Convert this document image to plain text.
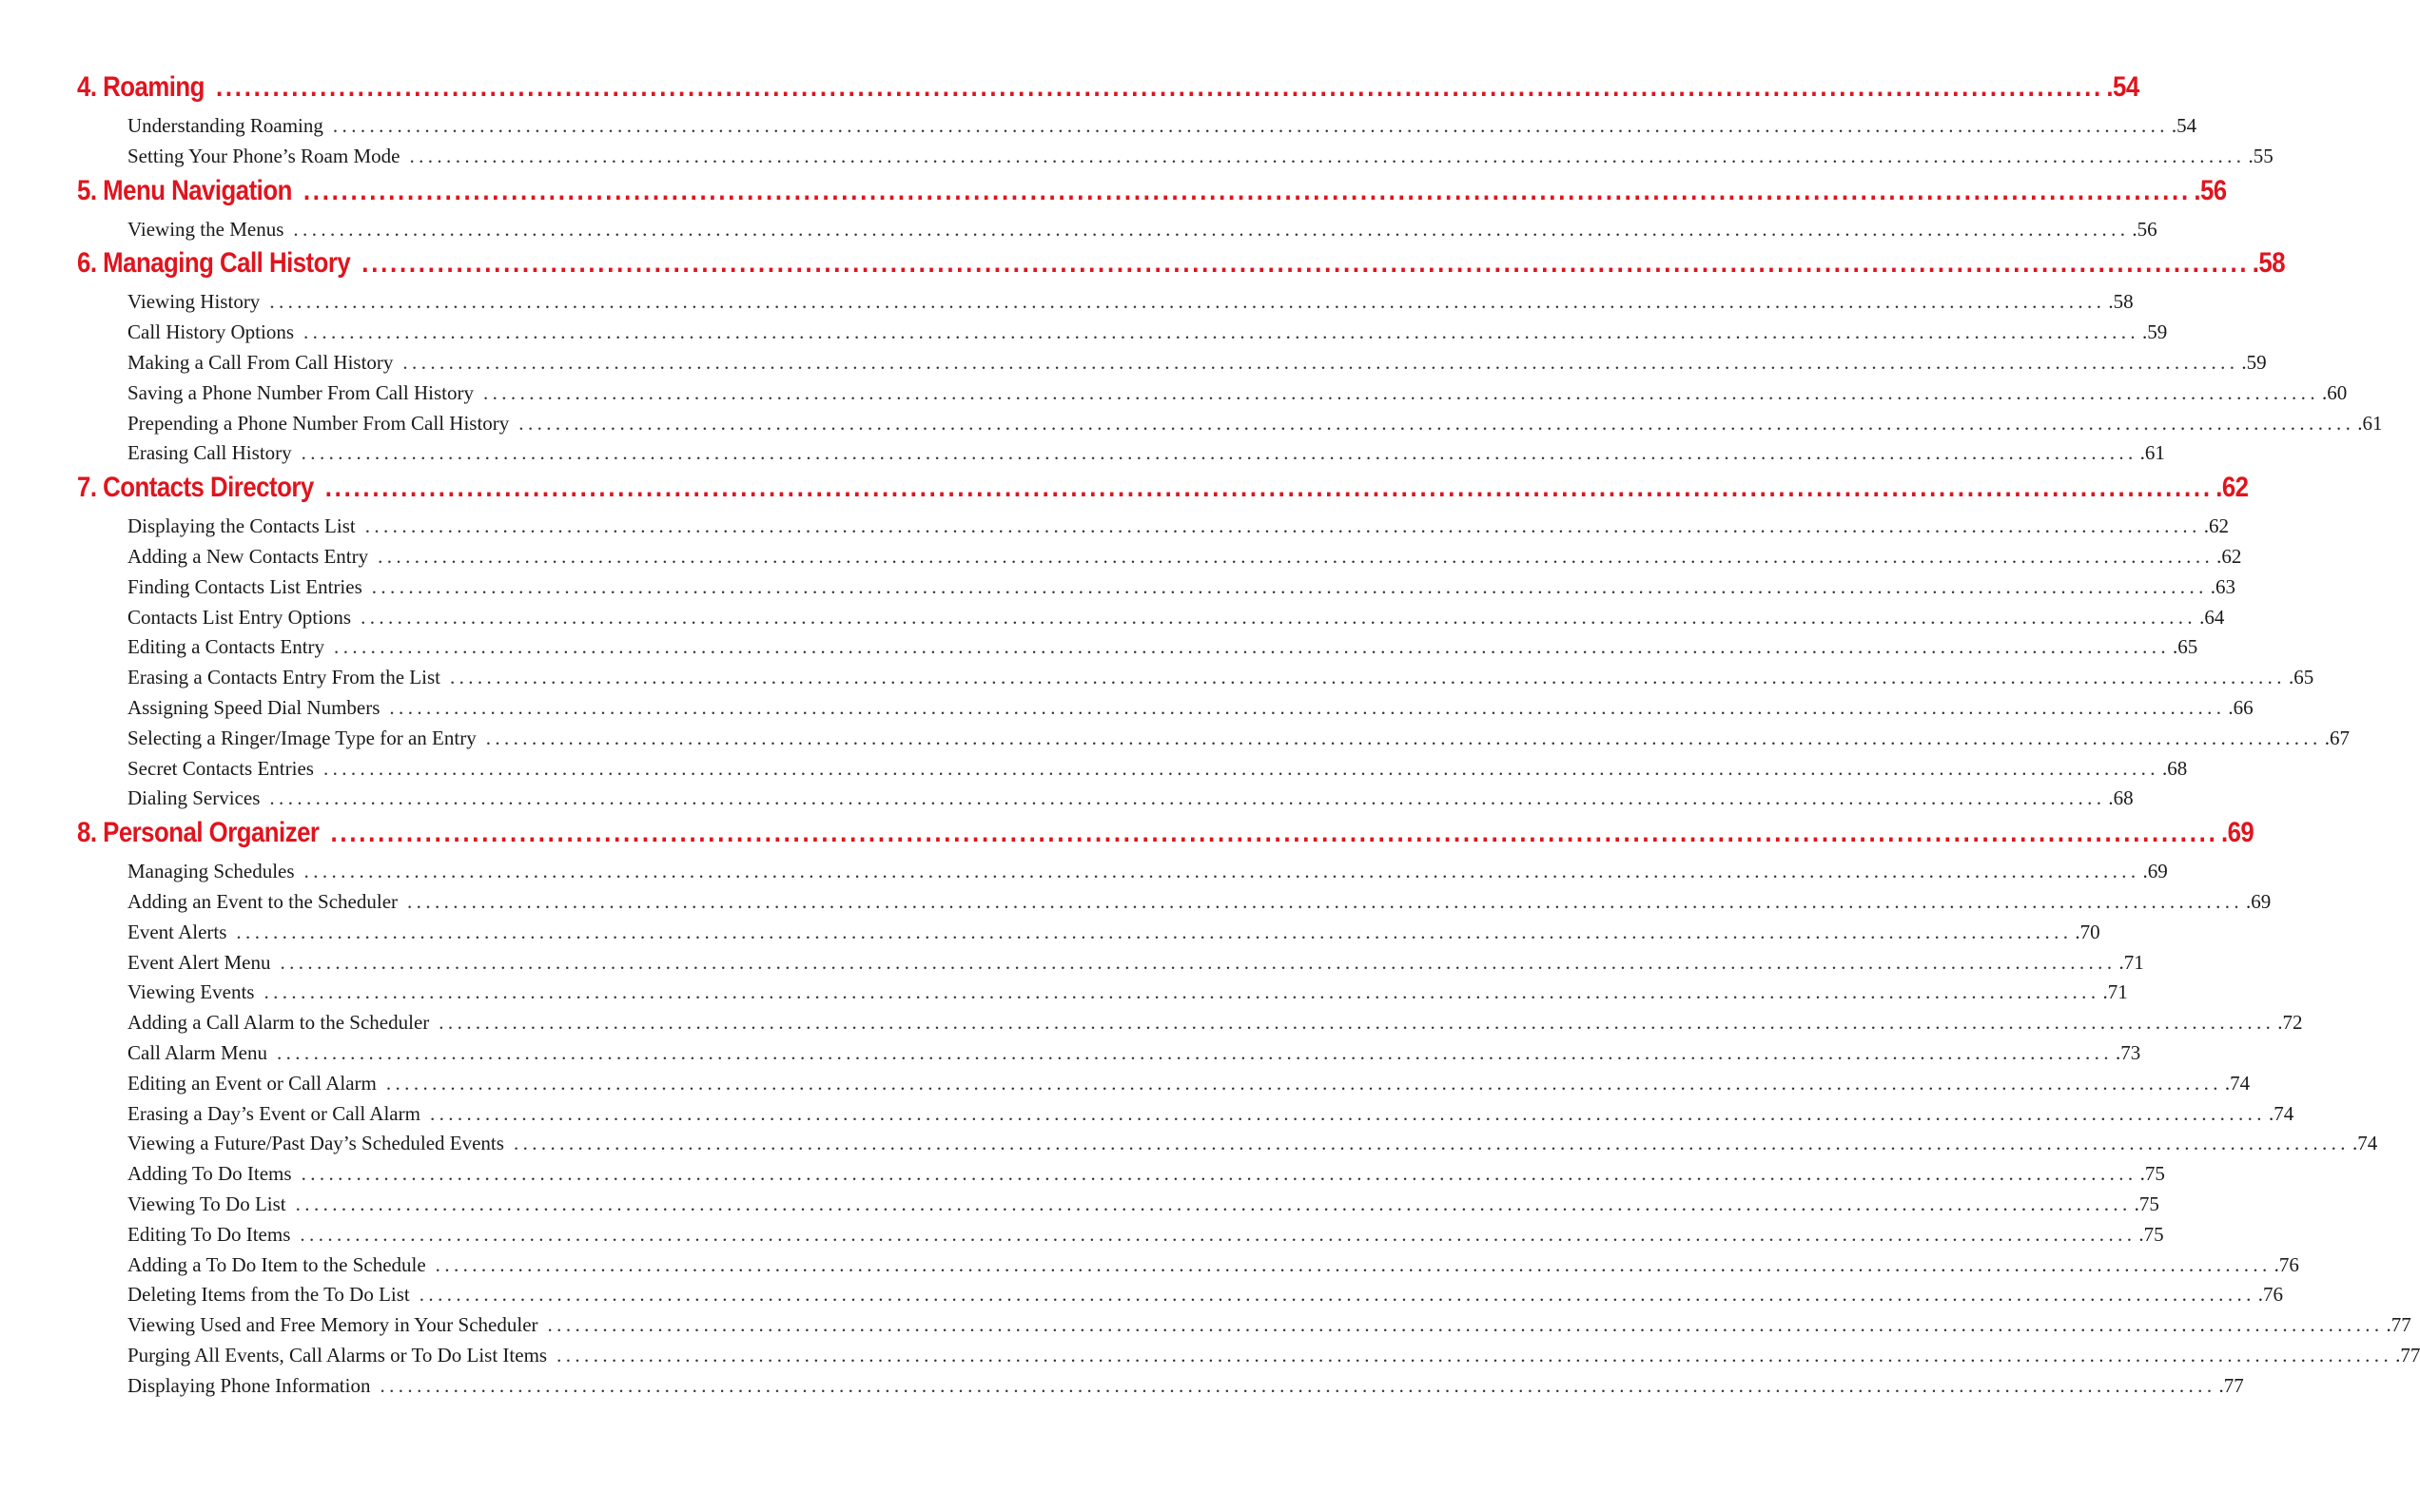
4. Roaming ........................................................................................................................................................................................................ .54
Understanding Roaming ........................................................................................................................................................................................................ .54
Setting Your Phone’s Roam Mode ........................................................................................................................................................................................................ .55
5. Menu Navigation ........................................................................................................................................................................................................ .56
Viewing the Menus ........................................................................................................................................................................................................ .56
6. Managing Call History ........................................................................................................................................................................................................ .58
Viewing History ........................................................................................................................................................................................................ .58
Call History Options ........................................................................................................................................................................................................ .59
Making a Call From Call History ........................................................................................................................................................................................................ .59
Saving a Phone Number From Call History ........................................................................................................................................................................................................ .60
Prepending a Phone Number From Call History ........................................................................................................................................................................................................ .61
Erasing Call History ........................................................................................................................................................................................................ .61
7. Contacts Directory ........................................................................................................................................................................................................ .62
Displaying the Contacts List ........................................................................................................................................................................................................ .62
Adding a New Contacts Entry ........................................................................................................................................................................................................ .62
Finding Contacts List Entries ........................................................................................................................................................................................................ .63
Contacts List Entry Options ........................................................................................................................................................................................................ .64
Editing a Contacts Entry ........................................................................................................................................................................................................ .65
Erasing a Contacts Entry From the List ........................................................................................................................................................................................................ .65
Assigning Speed Dial Numbers ........................................................................................................................................................................................................ .66
Selecting a Ringer/Image Type for an Entry ........................................................................................................................................................................................................ .67
Secret Contacts Entries ........................................................................................................................................................................................................ .68
Dialing Services ........................................................................................................................................................................................................ .68
8. Personal Organizer ........................................................................................................................................................................................................ .69
Managing Schedules ........................................................................................................................................................................................................ .69
Adding an Event to the Scheduler ........................................................................................................................................................................................................ .69
Event Alerts ........................................................................................................................................................................................................ .70
Event Alert Menu ........................................................................................................................................................................................................ .71
Viewing Events ........................................................................................................................................................................................................ .71
Adding a Call Alarm to the Scheduler ........................................................................................................................................................................................................ .72
Call Alarm Menu ........................................................................................................................................................................................................ .73
Editing an Event or Call Alarm ........................................................................................................................................................................................................ .74
Erasing a Day’s Event or Call Alarm ........................................................................................................................................................................................................ .74
Viewing a Future/Past Day’s Scheduled Events ........................................................................................................................................................................................................ .74
Adding To Do Items ........................................................................................................................................................................................................ .75
Viewing To Do List ........................................................................................................................................................................................................ .75
Editing To Do Items ........................................................................................................................................................................................................ .75
Adding a To Do Item to the Schedule ........................................................................................................................................................................................................ .76
Deleting Items from the To Do List ........................................................................................................................................................................................................ .76
Viewing Used and Free Memory in Your Scheduler ........................................................................................................................................................................................................ .77
Purging All Events, Call Alarms or To Do List Items ........................................................................................................................................................................................................ .77
Displaying Phone Information ........................................................................................................................................................................................................ .77
